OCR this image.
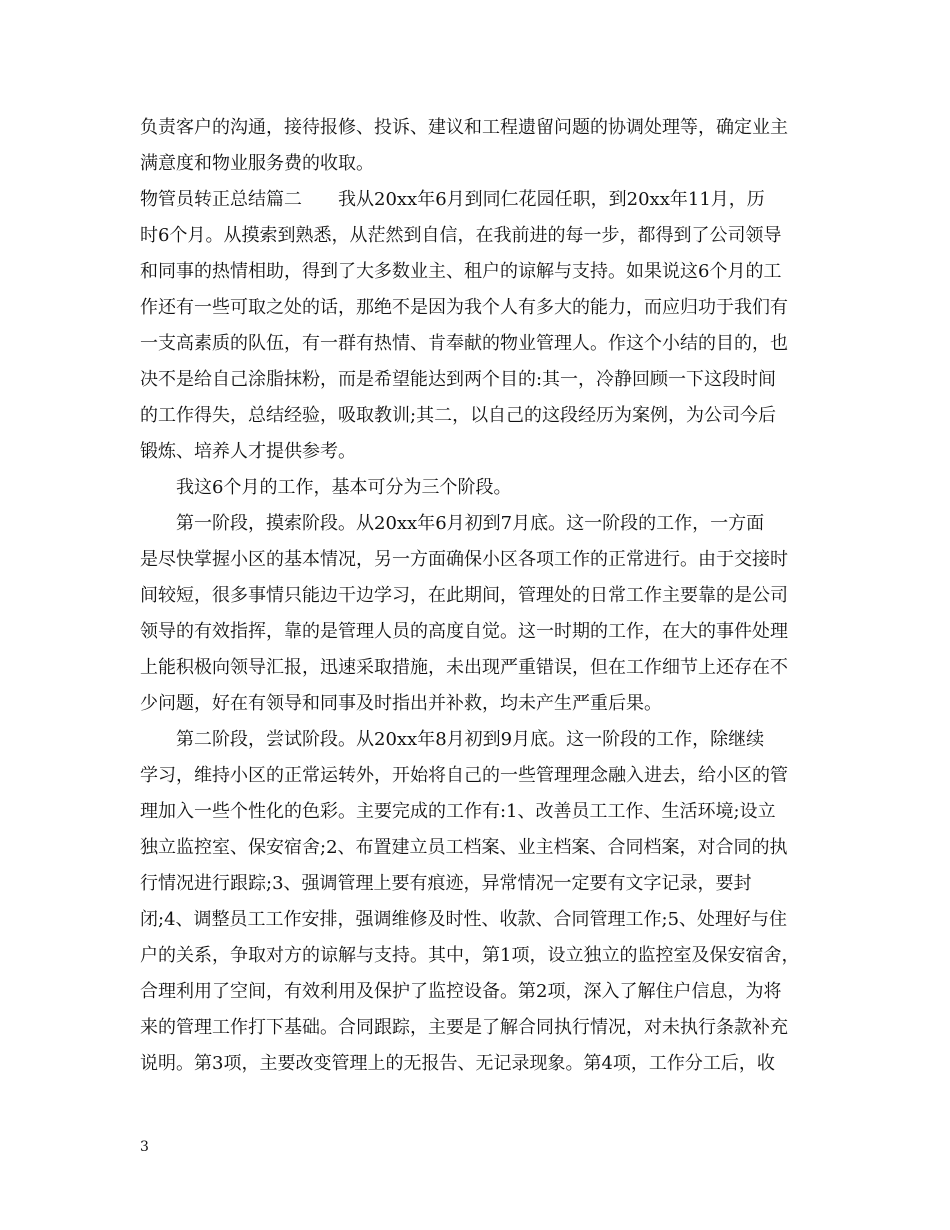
负责客户的沟通，接待报修、投诉、建议和工程遗留问题的协调处理等，确定业主
满意度和物业服务费的收取。
物管员转正总结篇二　　我从20xx年6月到同仁花园任职，到20xx年11月，历
时6个月。从摸索到熟悉，从茫然到自信，在我前进的每一步，都得到了公司领导
和同事的热情相助，得到了大多数业主、租户的谅解与支持。如果说这6个月的工
作还有一些可取之处的话，那绝不是因为我个人有多大的能力，而应归功于我们有
一支高素质的队伍，有一群有热情、肯奉献的物业管理人。作这个小结的目的，也
决不是给自己涂脂抹粉，而是希望能达到两个目的:其一，冷静回顾一下这段时间
的工作得失，总结经验，吸取教训;其二，以自己的这段经历为案例，为公司今后
锻炼、培养人才提供参考。
我这6个月的工作，基本可分为三个阶段。
第一阶段，摸索阶段。从20xx年6月初到7月底。这一阶段的工作，一方面
是尽快掌握小区的基本情况，另一方面确保小区各项工作的正常进行。由于交接时
间较短，很多事情只能边干边学习，在此期间，管理处的日常工作主要靠的是公司
领导的有效指挥，靠的是管理人员的高度自觉。这一时期的工作，在大的事件处理
上能积极向领导汇报，迅速采取措施，未出现严重错误，但在工作细节上还存在不
少问题，好在有领导和同事及时指出并补救，均未产生严重后果。
第二阶段，尝试阶段。从20xx年8月初到9月底。这一阶段的工作，除继续
学习，维持小区的正常运转外，开始将自己的一些管理理念融入进去，给小区的管
理加入一些个性化的色彩。主要完成的工作有:1、改善员工工作、生活环境;设立
独立监控室、保安宿舍;2、布置建立员工档案、业主档案、合同档案，对合同的执
行情况进行跟踪;3、强调管理上要有痕迹，异常情况一定要有文字记录，要封
闭;4、调整员工工作安排，强调维修及时性、收款、合同管理工作;5、处理好与住
户的关系，争取对方的谅解与支持。其中，第1项，设立独立的监控室及保安宿舍，
合理利用了空间，有效利用及保护了监控设备。第2项，深入了解住户信息，为将
来的管理工作打下基础。合同跟踪，主要是了解合同执行情况，对未执行条款补充
说明。第3项，主要改变管理上的无报告、无记录现象。第4项，工作分工后，收
3
